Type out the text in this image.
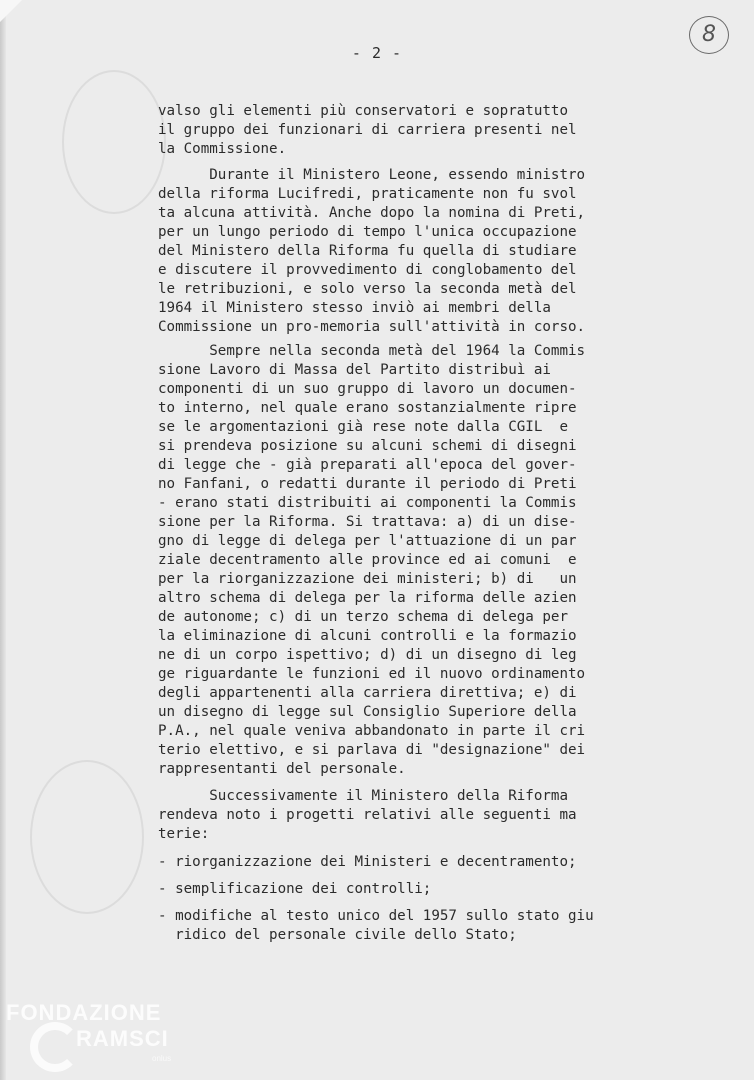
- 2 -
8
valso gli elementi più conservatori e sopratutto
il gruppo dei funzionari di carriera presenti nel
la Commissione.
Durante il Ministero Leone, essendo ministro
della riforma Lucifredi, praticamente non fu svol
ta alcuna attività. Anche dopo la nomina di Preti,
per un lungo periodo di tempo l'unica occupazione
del Ministero della Riforma fu quella di studiare
e discutere il provvedimento di conglobamento del
le retribuzioni, e solo verso la seconda metà del
1964 il Ministero stesso inviò ai membri della
Commissione un pro-memoria sull'attività in corso.
Sempre nella seconda metà del 1964 la Commis
sione Lavoro di Massa del Partito distribuì ai
componenti di un suo gruppo di lavoro un documen-
to interno, nel quale erano sostanzialmente ripre
se le argomentazioni già rese note dalla CGIL  e
si prendeva posizione su alcuni schemi di disegni
di legge che - già preparati all'epoca del gover-
no Fanfani, o redatti durante il periodo di Preti
- erano stati distribuiti ai componenti la Commis
sione per la Riforma. Si trattava: a) di un dise-
gno di legge di delega per l'attuazione di un par
ziale decentramento alle province ed ai comuni  e
per la riorganizzazione dei ministeri; b) di   un
altro schema di delega per la riforma delle azien
de autonome; c) di un terzo schema di delega per
la eliminazione di alcuni controlli e la formazio
ne di un corpo ispettivo; d) di un disegno di leg
ge riguardante le funzioni ed il nuovo ordinamento
degli appartenenti alla carriera direttiva; e) di
un disegno di legge sul Consiglio Superiore della
P.A., nel quale veniva abbandonato in parte il cri
terio elettivo, e si parlava di "designazione" dei
rappresentanti del personale.
Successivamente il Ministero della Riforma
rendeva noto i progetti relativi alle seguenti ma
terie:
- riorganizzazione dei Ministeri e decentramento;
- semplificazione dei controlli;
- modifiche al testo unico del 1957 sullo stato giu
ridico del personale civile dello Stato;
FONDAZIONE
RAMSCI
onlus
